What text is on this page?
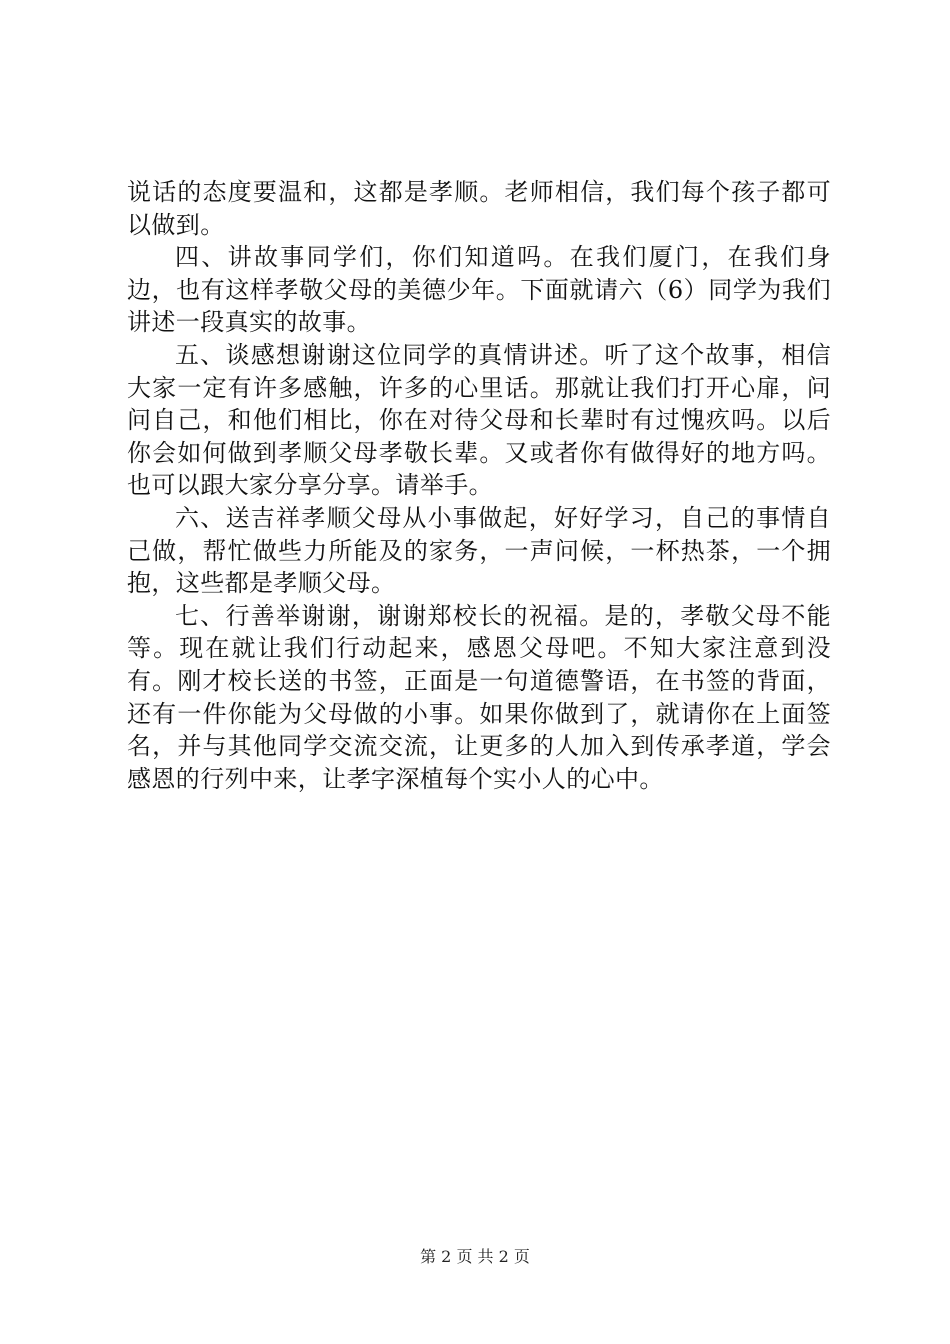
说话的态度要温和，这都是孝顺。老师相信，我们每个孩子都可以做到。

四、讲故事同学们，你们知道吗。在我们厦门，在我们身边，也有这样孝敬父母的美德少年。下面就请六（6）同学为我们讲述一段真实的故事。

五、谈感想谢谢这位同学的真情讲述。听了这个故事，相信大家一定有许多感触，许多的心里话。那就让我们打开心扉，问问自己，和他们相比，你在对待父母和长辈时有过愧疚吗。以后你会如何做到孝顺父母孝敬长辈。又或者你有做得好的地方吗。也可以跟大家分享分享。请举手。

六、送吉祥孝顺父母从小事做起，好好学习，自己的事情自己做，帮忙做些力所能及的家务，一声问候，一杯热茶，一个拥抱，这些都是孝顺父母。

七、行善举谢谢，谢谢郑校长的祝福。是的，孝敬父母不能等。现在就让我们行动起来，感恩父母吧。不知大家注意到没有。刚才校长送的书签，正面是一句道德警语，在书签的背面，还有一件你能为父母做的小事。如果你做到了，就请你在上面签名，并与其他同学交流交流，让更多的人加入到传承孝道，学会感恩的行列中来，让孝字深植每个实小人的心中。

第 2 页 共 2 页
